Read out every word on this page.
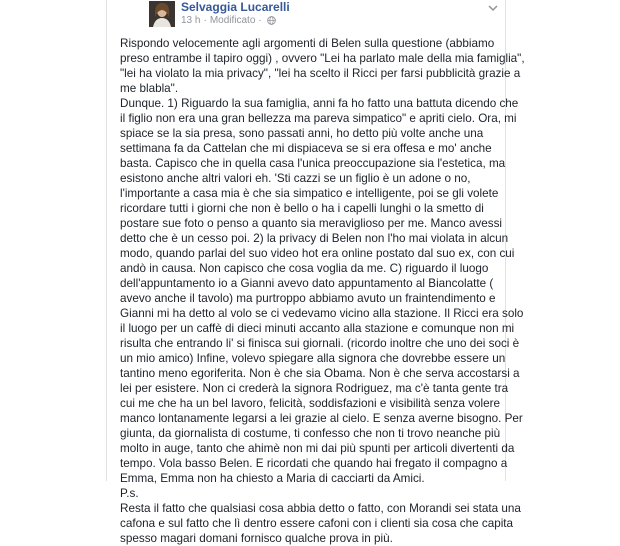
Selvaggia Lucarelli
13 h · Modificato ·
Rispondo velocemente agli argomenti di Belen sulla questione (abbiamo
preso entrambe il tapiro oggi) , ovvero "Lei ha parlato male della mia famiglia",
"lei ha violato la mia privacy", "lei ha scelto il Ricci per farsi pubblicità grazie a
me blabla".
Dunque. 1) Riguardo la sua famiglia, anni fa ho fatto una battuta dicendo che
il figlio non era una gran bellezza ma pareva simpatico" e apriti cielo. Ora, mi
spiace se la sia presa, sono passati anni, ho detto più volte anche una
settimana fa da Cattelan che mi dispiaceva se si era offesa e mo' anche
basta. Capisco che in quella casa l'unica preoccupazione sia l'estetica, ma
esistono anche altri valori eh. 'Sti cazzi se un figlio è un adone o no,
l'importante a casa mia è che sia simpatico e intelligente, poi se gli volete
ricordare tutti i giorni che non è bello o ha i capelli lunghi o la smetto di
postare sue foto o penso a quanto sia meraviglioso per me. Manco avessi
detto che è un cesso poi. 2) la privacy di Belen non l'ho mai violata in alcun
modo, quando parlai del suo video hot era online postato dal suo ex, con cui
andò in causa. Non capisco che cosa voglia da me. C) riguardo il luogo
dell'appuntamento io a Gianni avevo dato appuntamento al Biancolatte (
avevo anche il tavolo) ma purtroppo abbiamo avuto un fraintendimento e
Gianni mi ha detto al volo se ci vedevamo vicino alla stazione. Il Ricci era solo
il luogo per un caffè di dieci minuti accanto alla stazione e comunque non mi
risulta che entrando li' si finisca sui giornali. (ricordo inoltre che uno dei soci è
un mio amico) Infine, volevo spiegare alla signora che dovrebbe essere un
tantino meno egoriferita. Non è che sia Obama. Non è che serva accostarsi a
lei per esistere. Non ci crederà la signora Rodriguez, ma c'è tanta gente tra
cui me che ha un bel lavoro, felicità, soddisfazioni e visibilità senza volere
manco lontanamente legarsi a lei grazie al cielo. E senza averne bisogno. Per
giunta, da giornalista di costume, ti confesso che non ti trovo neanche più
molto in auge, tanto che ahimè non mi dai più spunti per articoli divertenti da
tempo. Vola basso Belen. E ricordati che quando hai fregato il compagno a
Emma, Emma non ha chiesto a Maria di cacciarti da Amici.
P.s.
Resta il fatto che qualsiasi cosa abbia detto o fatto, con Morandi sei stata una
cafona e sul fatto che lì dentro essere cafoni con i clienti sia cosa che capita
spesso magari domani fornisco qualche prova in più.
